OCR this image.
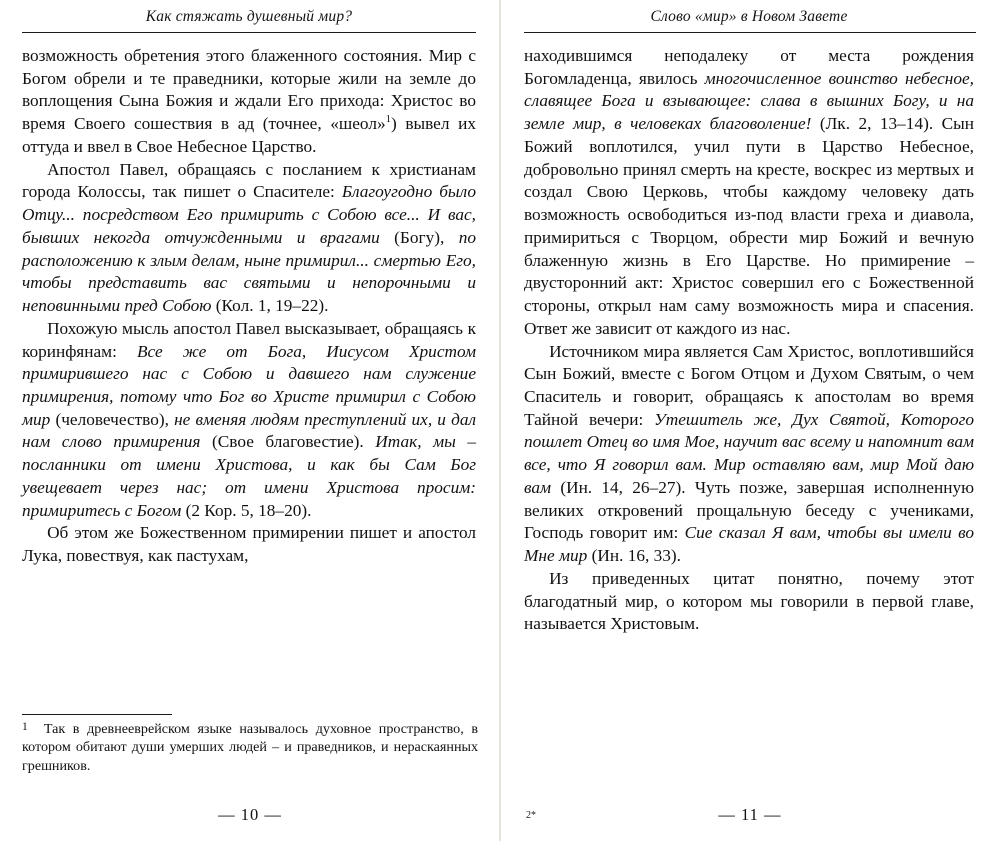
Как стяжать душевный мир?

возможность обретения этого блаженного состояния. Мир с Богом обрели и те праведники, которые жили на земле до воплощения Сына Божия и ждали Его прихода: Христос во время Своего сошествия в ад (точнее, «шеол»$^1$) вывел их оттуда и ввел в Свое Небесное Царство.

Апостол Павел, обращаясь с посланием к христианам города Колоссы, так пишет о Спасителе: Благоугодно было Отцу... посредством Его примирить с Собою все... И вас, бывших некогда отчужденными и врагами (Богу), по расположению к злым делам, ныне примирил... смертью Его, чтобы представить вас святыми и непорочными и неповинными пред Собою (Кол. 1, 19–22).

Похожую мысль апостол Павел высказывает, обращаясь к коринфянам: Все же от Бога, Иисусом Христом примирившего нас с Собою и давшего нам служение примирения, потому что Бог во Христе примирил с Собою мир (человечество), не вменяя людям преступлений их, и дал нам слово примирения (Свое благовестие). Итак, мы – посланники от имени Христова, и как бы Сам Бог увещевает через нас; от имени Христова просим: примиритесь с Богом (2 Кор. 5, 18–20).

Об этом же Божественном примирении пишет и апостол Лука, повествуя, как пастухам,

1 Так в древнееврейском языке называлось духовное пространство, в котором обитают души умерших людей – и праведников, и нераскаянных грешников.
— 10 —
Слово «мир» в Новом Завете

находившимся неподалеку от места рождения Богомладенца, явилось многочисленное воинство небесное, славящее Бога и взывающее: слава в вышних Богу, и на земле мир, в человеках благоволение! (Лк. 2, 13–14). Сын Божий воплотился, учил пути в Царство Небесное, добровольно принял смерть на кресте, воскрес из мертвых и создал Свою Церковь, чтобы каждому человеку дать возможность освободиться из-под власти греха и диавола, примириться с Творцом, обрести мир Божий и вечную блаженную жизнь в Его Царстве. Но примирение – двусторонний акт: Христос совершил его с Божественной стороны, открыл нам саму возможность мира и спасения. Ответ же зависит от каждого из нас.

Источником мира является Сам Христос, воплотившийся Сын Божий, вместе с Богом Отцом и Духом Святым, о чем Спаситель и говорит, обращаясь к апостолам во время Тайной вечери: Утешитель же, Дух Святой, Которого пошлет Отец во имя Мое, научит вас всему и напомнит вам все, что Я говорил вам. Мир оставляю вам, мир Мой даю вам (Ин. 14, 26–27). Чуть позже, завершая исполненную великих откровений прощальную беседу с учениками, Господь говорит им: Сие сказал Я вам, чтобы вы имели во Мне мир (Ин. 16, 33).

Из приведенных цитат понятно, почему этот благодатный мир, о котором мы говорили в первой главе, называется Христовым.

2*	— 11 —
